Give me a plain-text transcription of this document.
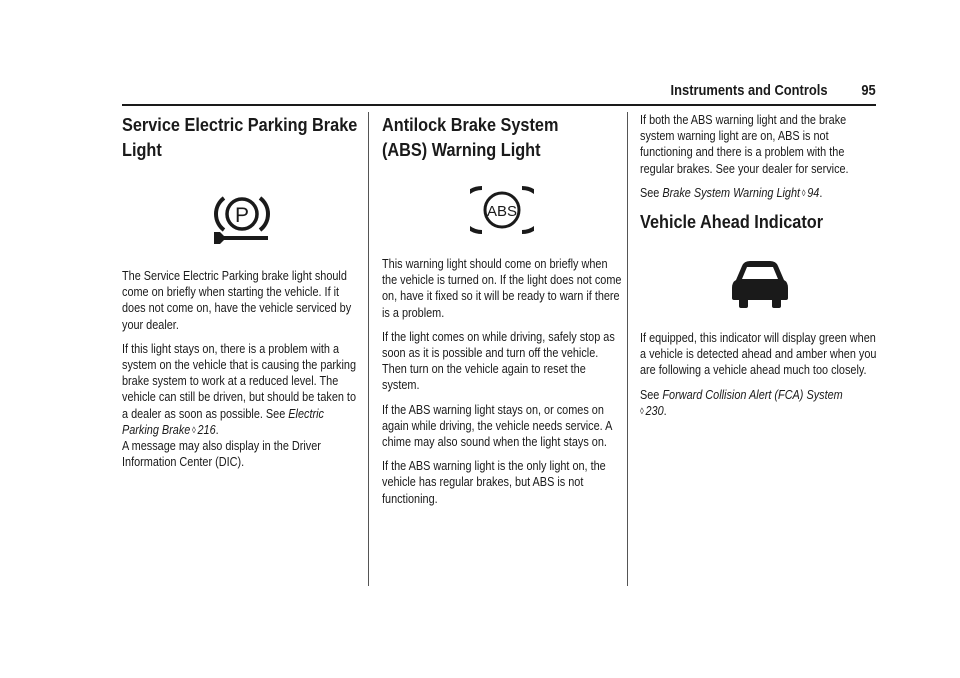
Instruments and Controls 95
Service Electric Parking Brake Light
P

The Service Electric Parking brake light should come on briefly when starting the vehicle. If it does not come on, have the vehicle serviced by your dealer.

If this light stays on, there is a problem with a system on the vehicle that is causing the parking brake system to work at a reduced level. The vehicle can still be driven, but should be taken to a dealer as soon as possible. See Electric Parking Brake ◊ 216.
A message may also display in the Driver Information Center (DIC).

Antilock Brake System (ABS) Warning Light
ABS

This warning light should come on briefly when the vehicle is turned on. If the light does not come on, have it fixed so it will be ready to warn if there is a problem.

If the light comes on while driving, safely stop as soon as it is possible and turn off the vehicle. Then turn on the vehicle again to reset the system.

If the ABS warning light stays on, or comes on again while driving, the vehicle needs service. A chime may also sound when the light stays on.

If the ABS warning light is the only light on, the vehicle has regular brakes, but ABS is not functioning.

If both the ABS warning light and the brake system warning light are on, ABS is not functioning and there is a problem with the regular brakes. See your dealer for service.

See Brake System Warning Light ◊ 94.

Vehicle Ahead Indicator

If equipped, this indicator will display green when a vehicle is detected ahead and amber when you are following a vehicle ahead much too closely.

See Forward Collision Alert (FCA) System
◊ 230.
